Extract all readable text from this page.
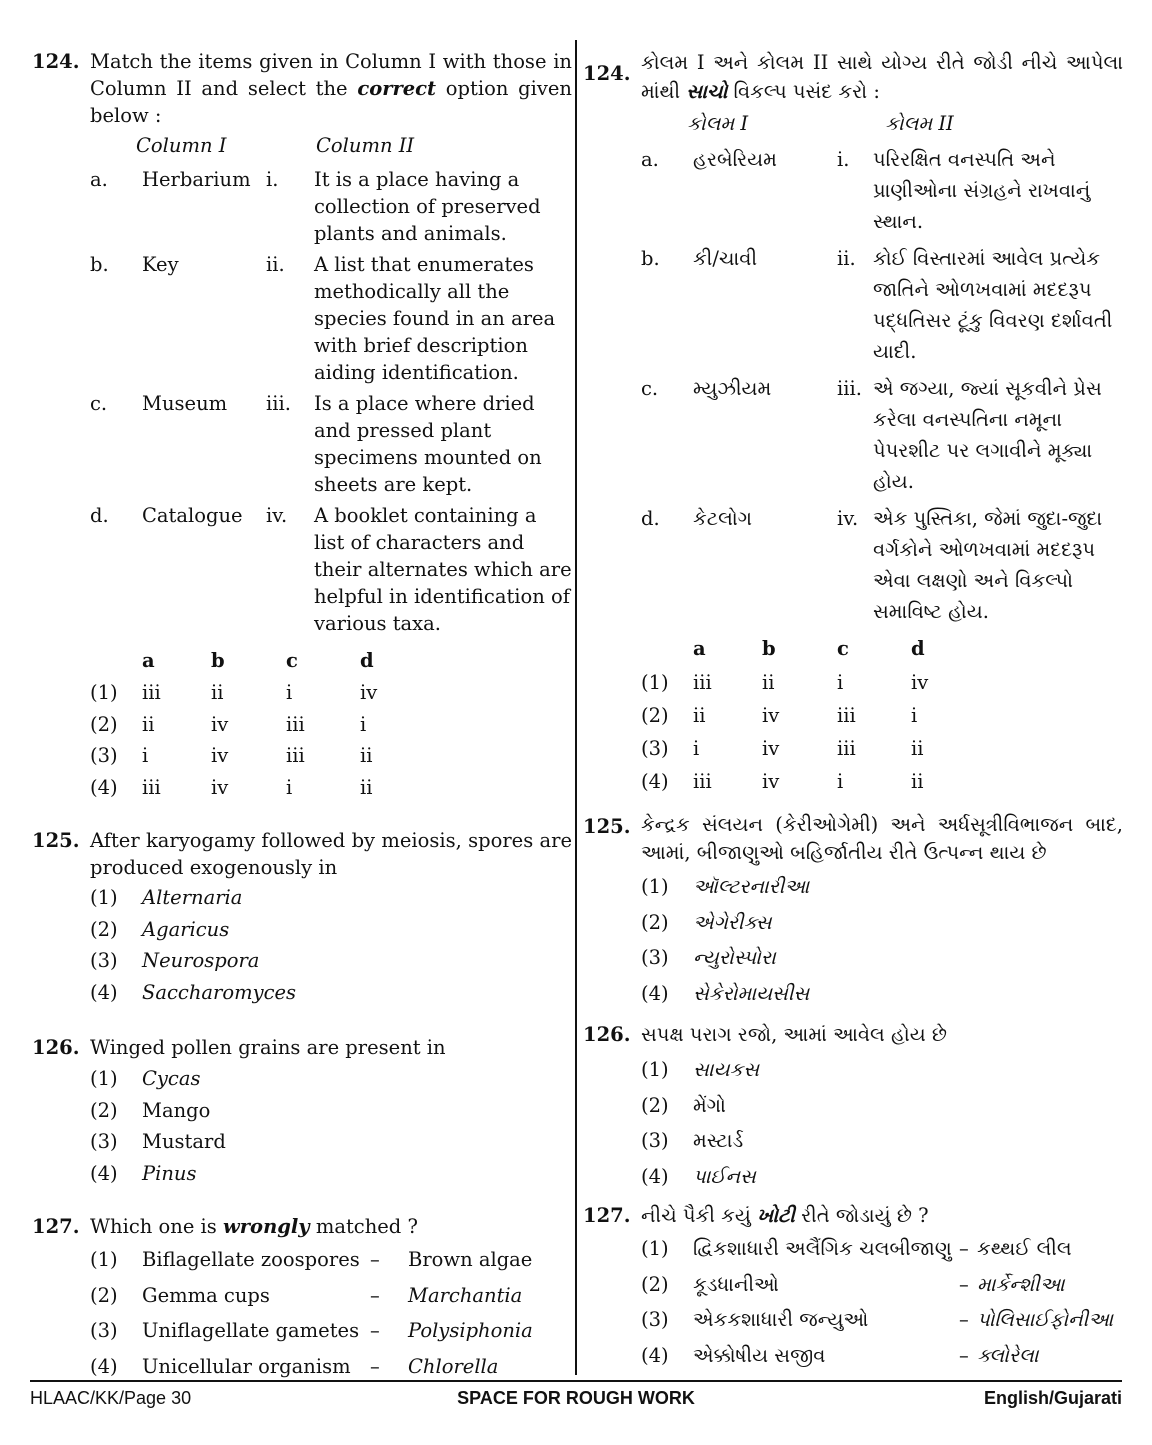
124. Match the items given in Column I with those in Column II and select the correct option given below :
Column I	Column II
a. Herbarium i. It is a place having a collection of preserved plants and animals.
b. Key	ii. A list that enumerates methodically all the species found in an area with brief description aiding identification.
c. Museum iii. Is a place where dried and pressed plant specimens mounted on sheets are kept.
d. Catalogue iv. A booklet containing a list of characters and their alternates which are helpful in identification of various taxa.
a	b	c	d
(1) iii	ii	i	iv
(2) ii	iv	iii	i
(3) i	iv	iii	ii
(4) iii	iv	i	ii
125. After karyogamy followed by meiosis, spores are produced exogenously in
(1) Alternaria
(2) Agaricus
(3) Neurospora
(4) Saccharomyces
126. Winged pollen grains are present in
(1) Cycas
(2) Mango
(3) Mustard
(4) Pinus
127. Which one is wrongly matched ?
(1) Biflagellate zoospores – Brown algae
(2) Gemma cups	– Marchantia
(3) Uniflagellate gametes – Polysiphonia
(4) Unicellular organism – Chlorella
124. કોલમ I અને કોલમ II સાથે યોગ્ય રીતે જોડી નીચે આપેલા માંથી સાચો વિકલ્પ પસંદ કરો :
કોલમ I	કોલમ II
a. હરબેરિયમ	i. પરિરક્ષિત વનસ્પતિ અને પ્રાણીઓના સંગ્રહને રાખવાનું સ્થાન.
b. કી/ચાવી	ii. કોઈ વિસ્તારમાં આવેલ પ્રત્યેક જાતિને ઓળખવામાં મદદરૂપ પદ્ધતિસર ટૂંકુ વિવરણ દર્શાવતી યાદી.
c. મ્યુઝીયમ	iii. એ જગ્યા, જ્યાં સૂકવીને પ્રેસ કરેલા વનસ્પતિના નમૂના પેપરશીટ પર લગાવીને મૂક્યા હોય.
d. કેટલોગ	iv. એક પુસ્તિકા, જેમાં જુદા-જુદા વર્ગકોને ઓળખવામાં મદદરૂપ એવા લક્ષણો અને વિકલ્પો સમાવિષ્ટ હોય.
a	b	c	d
(1) iii	ii	i	iv
(2) ii	iv	iii	i
(3) i	iv	iii	ii
(4) iii	iv	i	ii
125. કેન્દ્રક સંલયન (કેરીઓગેમી) અને અર્ધસૂત્રીવિભાજન બાદ, આમાં, બીજાણુઓ બહિર્જાતીય રીતે ઉત્પન્ન થાય છે
(1) ઑલ્ટરનારીઆ
(2) એગેરીક્સ
(3) ન્યુરોસ્પોરા
(4) સેકેરોમાયસીસ
126. સપક્ષ પરાગ રજો, આમાં આવેલ હોય છે
(1) સાયકસ
(2) મેંગો
(3) મસ્ટાર્ડ
(4) પાઈનસ
127. નીચે પૈકી કયું ખોટી રીતે જોડાયું છે ?
(1) દ્વિકશાધારી અલૈંગિક ચલબીજાણુ – કથ્થઈ લીલ
(2) કૂડધાનીઓ	– માર્કેન્શીઆ
(3) એકકશાધારી જન્યુઓ	– પોલિસાઈફોનીઆ
(4) એક્કોષીય સજીવ	– ક્લોરેલા
HLAAC/KK/Page 30	SPACE FOR ROUGH WORK	English/Gujarati
